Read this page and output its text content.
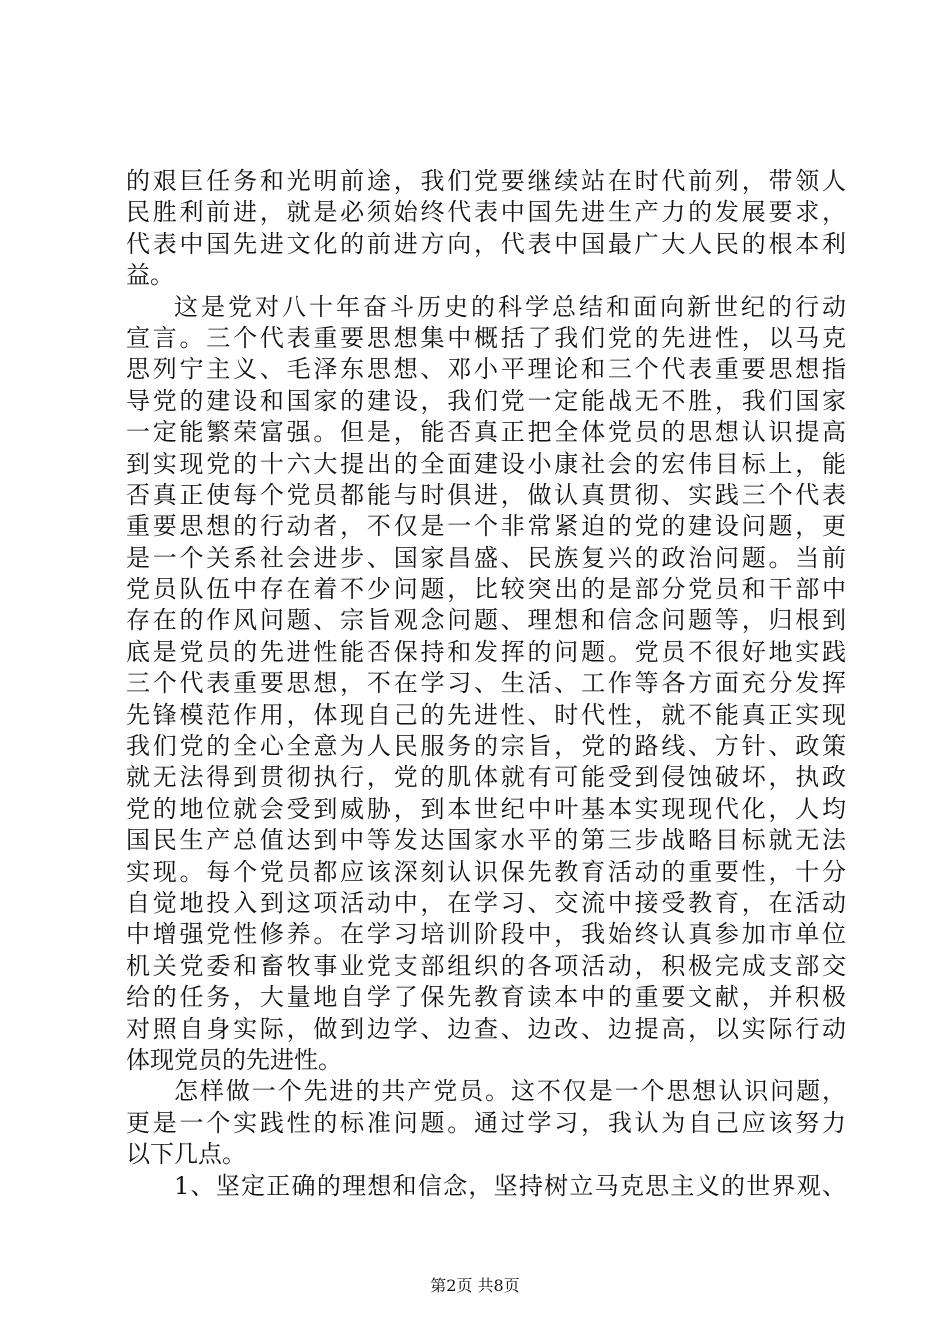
的艰巨任务和光明前途，我们党要继续站在时代前列，带领人
民胜利前进，就是必须始终代表中国先进生产力的发展要求，
代表中国先进文化的前进方向，代表中国最广大人民的根本利
益。
这是党对八十年奋斗历史的科学总结和面向新世纪的行动
宣言。三个代表重要思想集中概括了我们党的先进性，以马克
思列宁主义、毛泽东思想、邓小平理论和三个代表重要思想指
导党的建设和国家的建设，我们党一定能战无不胜，我们国家
一定能繁荣富强。但是，能否真正把全体党员的思想认识提高
到实现党的十六大提出的全面建设小康社会的宏伟目标上，能
否真正使每个党员都能与时俱进，做认真贯彻、实践三个代表
重要思想的行动者，不仅是一个非常紧迫的党的建设问题，更
是一个关系社会进步、国家昌盛、民族复兴的政治问题。当前
党员队伍中存在着不少问题，比较突出的是部分党员和干部中
存在的作风问题、宗旨观念问题、理想和信念问题等，归根到
底是党员的先进性能否保持和发挥的问题。党员不很好地实践
三个代表重要思想，不在学习、生活、工作等各方面充分发挥
先锋模范作用，体现自己的先进性、时代性，就不能真正实现
我们党的全心全意为人民服务的宗旨，党的路线、方针、政策
就无法得到贯彻执行，党的肌体就有可能受到侵蚀破坏，执政
党的地位就会受到威胁，到本世纪中叶基本实现现代化，人均
国民生产总值达到中等发达国家水平的第三步战略目标就无法
实现。每个党员都应该深刻认识保先教育活动的重要性，十分
自觉地投入到这项活动中，在学习、交流中接受教育，在活动
中增强党性修养。在学习培训阶段中，我始终认真参加市单位
机关党委和畜牧事业党支部组织的各项活动，积极完成支部交
给的任务，大量地自学了保先教育读本中的重要文献，并积极
对照自身实际，做到边学、边查、边改、边提高，以实际行动
体现党员的先进性。
怎样做一个先进的共产党员。这不仅是一个思想认识问题，
更是一个实践性的标准问题。通过学习，我认为自己应该努力
以下几点。
1、坚定正确的理想和信念，坚持树立马克思主义的世界观、
第2页 共8页
